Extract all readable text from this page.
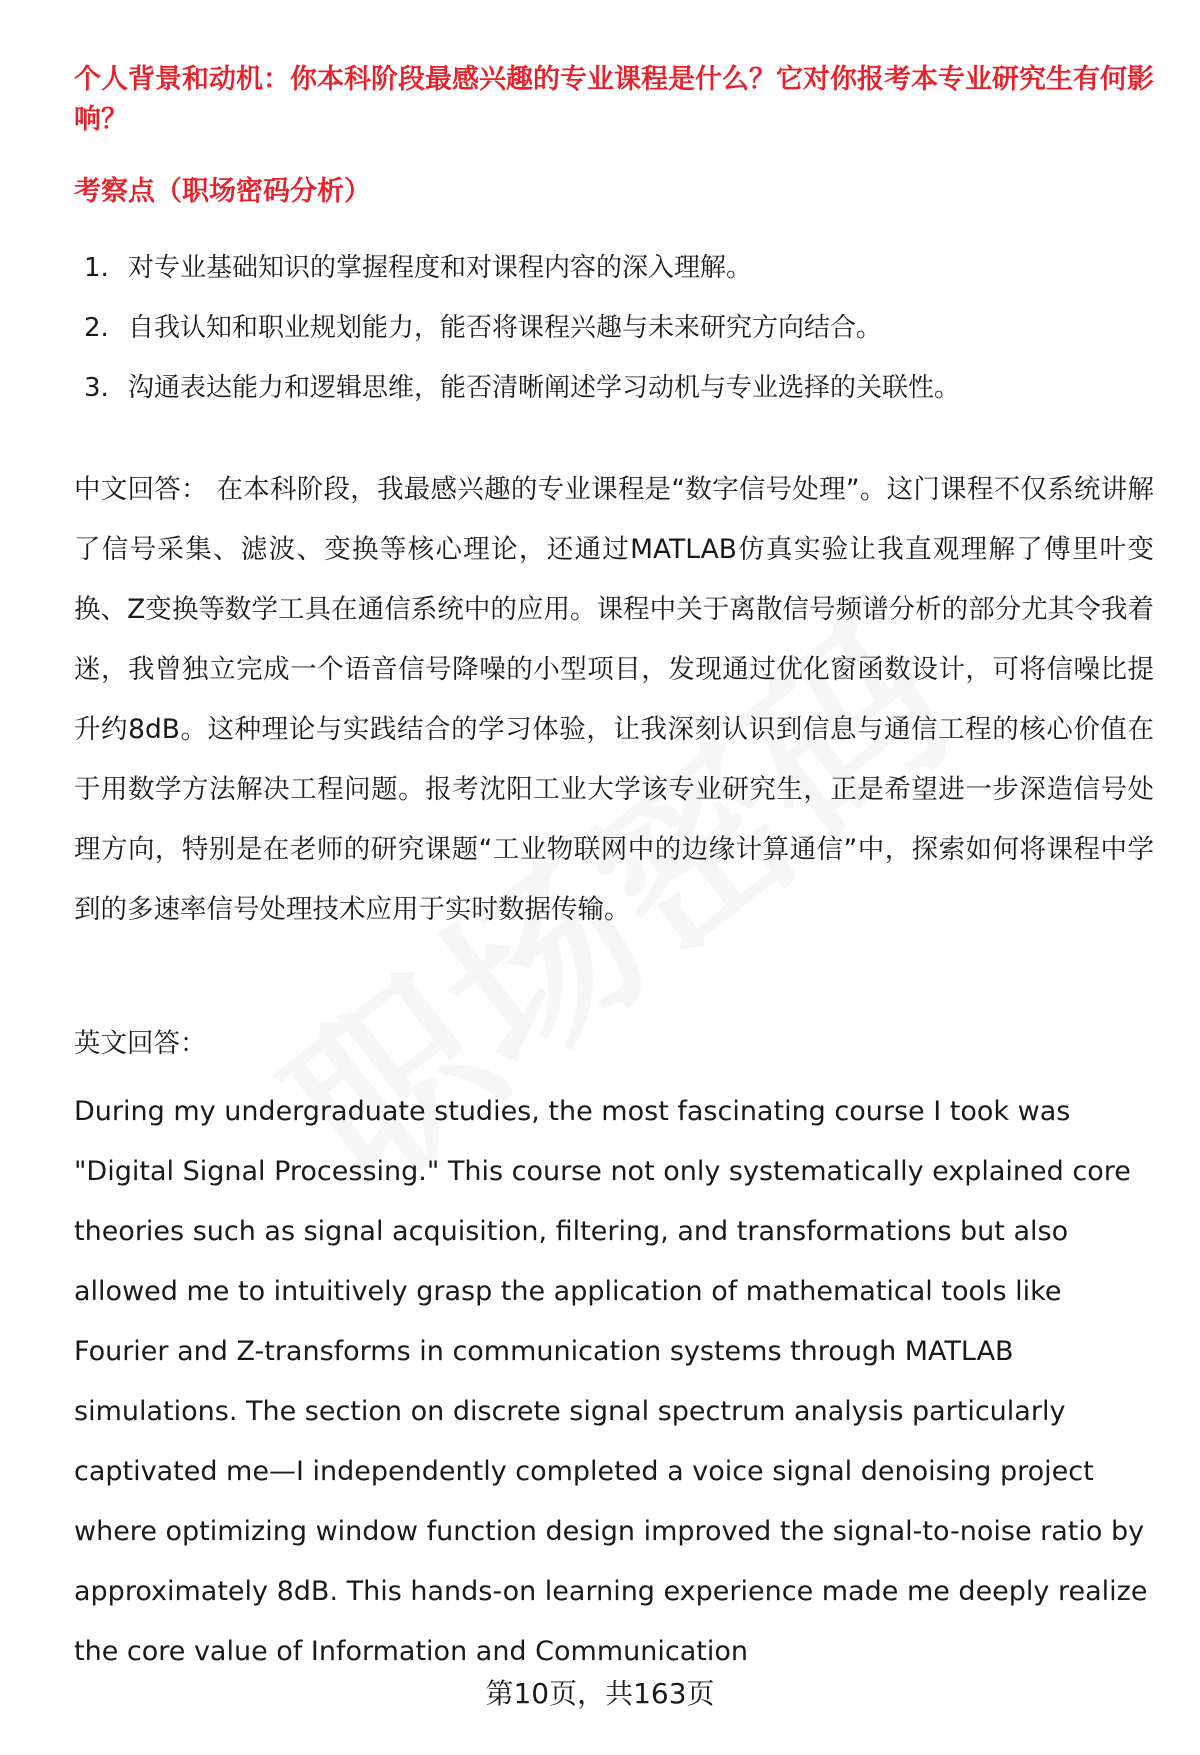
个人背景和动机：你本科阶段最感兴趣的专业课程是什么？它对你报考本专业研究生有何影响？

考察点（职场密码分析）

1. 对专业基础知识的掌握程度和对课程内容的深入理解。
2. 自我认知和职业规划能力，能否将课程兴趣与未来研究方向结合。
3. 沟通表达能力和逻辑思维，能否清晰阐述学习动机与专业选择的关联性。

中文回答： 在本科阶段，我最感兴趣的专业课程是“数字信号处理”。这门课程不仅系统讲解了信号采集、滤波、变换等核心理论，还通过MATLAB仿真实验让我直观理解了傅里叶变换、Z变换等数学工具在通信系统中的应用。课程中关于离散信号频谱分析的部分尤其令我着迷，我曾独立完成一个语音信号降噪的小型项目，发现通过优化窗函数设计，可将信噪比提升约8dB。这种理论与实践结合的学习体验，让我深刻认识到信息与通信工程的核心价值在于用数学方法解决工程问题。报考沈阳工业大学该专业研究生，正是希望进一步深造信号处理方向，特别是在老师的研究课题“工业物联网中的边缘计算通信”中，探索如何将课程中学到的多速率信号处理技术应用于实时数据传输。

英文回答：

During my undergraduate studies, the most fascinating course I took was "Digital Signal Processing." This course not only systematically explained core theories such as signal acquisition, filtering, and transformations but also allowed me to intuitively grasp the application of mathematical tools like Fourier and Z-transforms in communication systems through MATLAB simulations. The section on discrete signal spectrum analysis particularly captivated me—I independently completed a voice signal denoising project where optimizing window function design improved the signal-to-noise ratio by approximately 8dB. This hands-on learning experience made me deeply realize the core value of Information and Communication

第10页，共163页
